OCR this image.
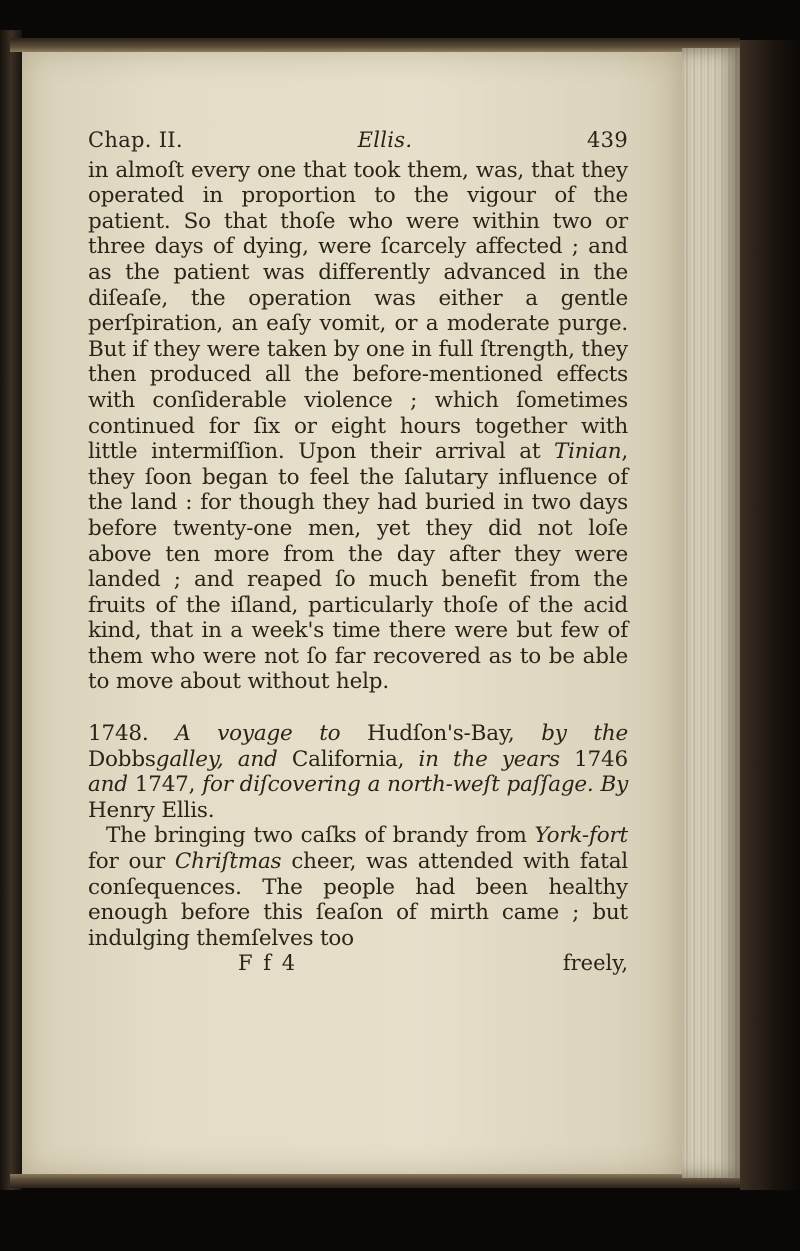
Chap. II.	Ellis.	439

in almoſt every one that took them, was, that they operated in proportion to the vigour of the patient. So that thoſe who were within two or three days of dying, were ſcarcely affected ; and as the patient was differently advanced in the diſeaſe, the operation was either a gentle perſpiration, an eaſy vomit, or a moderate purge. But if they were taken by one in full ſtrength, they then produced all the before-mentioned effects with conſiderable violence ; which ſometimes continued for ſix or eight hours together with little intermiſſion. Upon their arrival at Tinian, they ſoon began to feel the ſalutary influence of the land : for though they had buried in two days before twenty-one men, yet they did not loſe above ten more from the day after they were landed ; and reaped ſo much benefit from the fruits of the iſland, particularly thoſe of the acid kind, that in a week's time there were but few of them who were not ſo far recovered as to be able to move about without help.

1748. A voyage to Hudſon's-Bay, by the Dobbsgalley, and California, in the years 1746 and 1747, for diſcovering a north-weſt paſſage. By Henry Ellis.

The bringing two caſks of brandy from York-fort for our Chriſtmas cheer, was attended with fatal conſequences. The people had been healthy enough before this ſeaſon of mirth came ; but indulging themſelves too

F f 4	freely,
